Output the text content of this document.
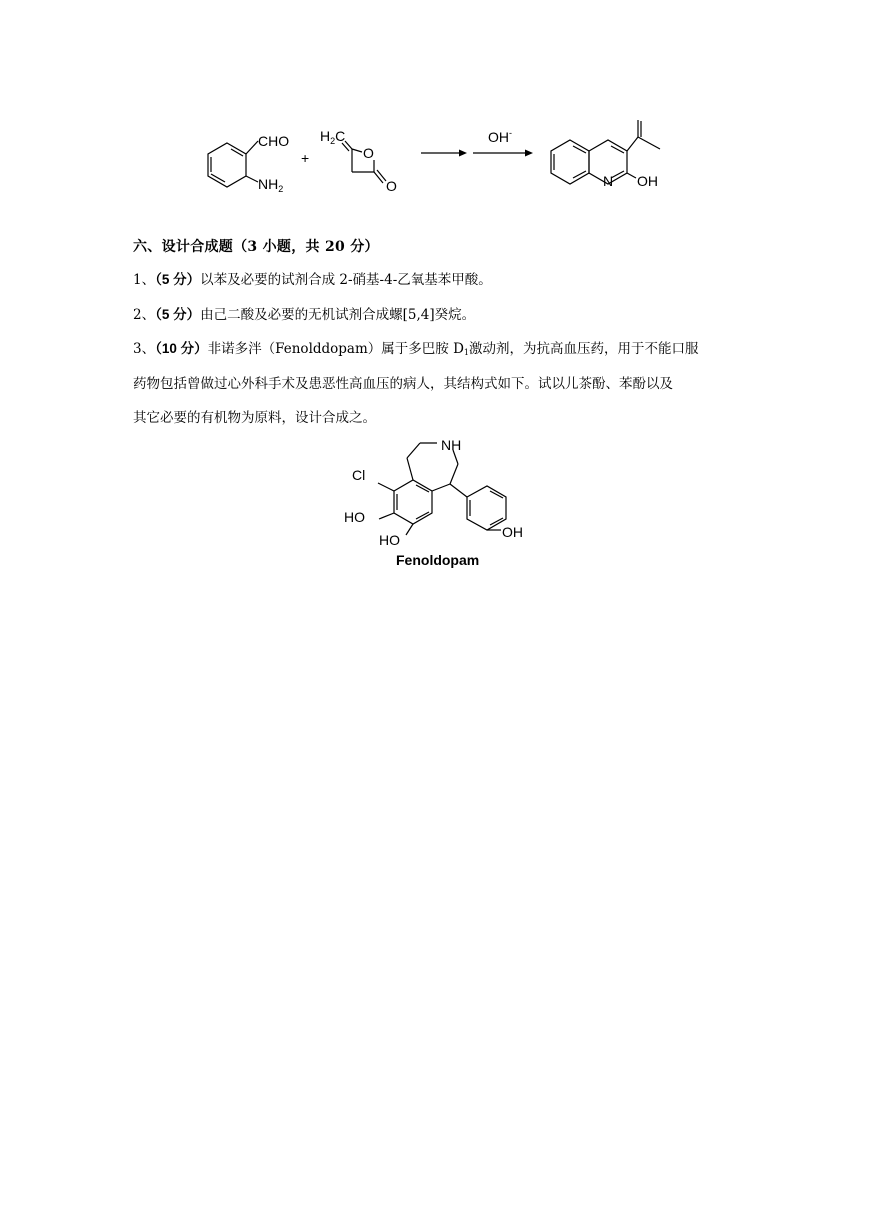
CHO
$NH_2$
+
$H_2C$
O
O
OH-
N OH
六、设计合成题（3 小题，共 20 分）
1、（5 分）以苯及必要的试剂合成 2-硝基-4-乙氧基苯甲酸。
2、（5 分）由己二酸及必要的无机试剂合成螺[5,4]癸烷。
3、（10 分）非诺多泮（Fenolddopam）属于多巴胺 $D_1$激动剂，为抗高血压药，用于不能口服
药物包括曾做过心外科手术及患恶性高血压的病人，其结构式如下。试以儿茶酚、苯酚以及
其它必要的有机物为原料，设计合成之。
NH
Cl
HO
HO	OH
Fenoldopam
